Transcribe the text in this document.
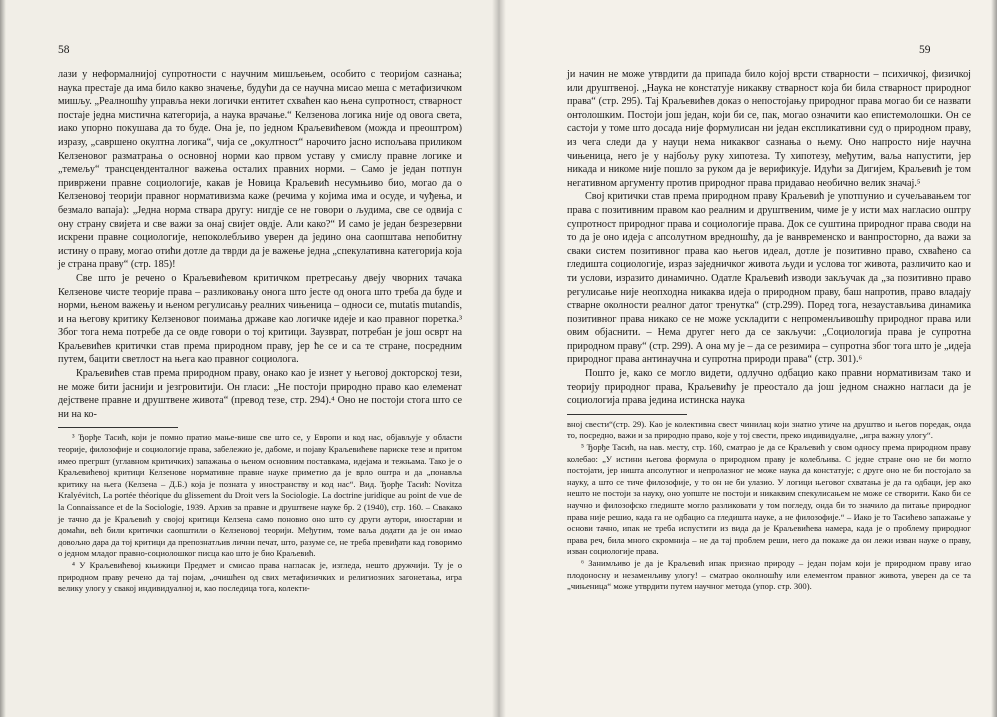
58

лази у неформалнијој супротности с научним мишљењем, особито с теоријом сазнања; наука престаје да има било какво значење, будући да се научна мисао меша с метафизичком мишљу. „Реалношћу управља неки логички ентитет схваћен као њена супротност, стварност постаје једна мистична категорија, а наука врачање.“ Келзенова логика није од овога света, иако упорно покушава да то буде. Она је, по једном Краљевићевом (можда и преоштром) изразу, „савршено окултна логика“, чија се „окултност“ нарочито јасно испољава приликом Келзеновог разматрања о основној норми као првом уставу у смислу правне логике и „темељу“ трансценденталног важења осталих правних норми. – Само је један потпун привржени правне социологије, какав је Новица Краљевић несумњиво био, могао да о Келзеновој теорији правног нормативизма каже (речима у којима има и осуде, и чуђења, и безмало вапаја): „Једна норма ствара другу: нигдје се не говори о људима, све се одвија с ону страну свијета и све важи за онај свијет овдје. Али како?“ И само је један безрезервни искрени правне социологије, непоколебљиво уверен да једино она саопштава непобитну истину о праву, могао отићи дотле да тврди да је важење једна „спекулативна категорија која је страна праву“ (стр. 185)!

Све што је речено о Краљевићевом критичком претресању двеју чворних тачака Келзенове чисте теорије права – разликовању онога што јесте од онога што треба да буде и норми, њеном важењу и њеном регулисању реалних чињеница – односи се, mutatis mutandis, и на његову критику Келзеновог поимања државе као логичке идеје и као правног поретка.³ Због тога нема потребе да се овде говори о тој критици. Заузврат, потребан је још осврт на Краљевићев критички став према природном праву, јер ће се и са те стране, посредним путем, бацити светлост на њега као правног социолога.

Краљевићев став према природном праву, онако као је изнет у његовој докторској тези, не може бити јаснији и језгровитији. Он гласи: „Не постоји природно право као елеменат дејствене правне и друштвене живота“ (превод тезе, стр. 294).⁴ Оно не постоји стога што се ни на ко-

³ Ђорђе Тасић, који је помно пратио мање-више све што се, у Европи и код нас, објављује у области теорије, филозофије и социологије права, забележио је, дабоме, и појаву Краљевићеве париске тезе и притом имео прегршт (углавном критичких) запажања о њеном основним поставкама, идејама и тежњама. Тако је о Краљевићевој критици Келзенове нормативне правне науке приметио да је врло оштра и да „понавља критику на њега (Келзена – Д.Б.) која је позната у иностранству и код нас“. Вид. Ђорђе Тасић: Novitza Kralyévitch, La portée théorique du glissement du Droit vers la Sociologie. La doctrine juridique au point de vue de la Connaissance et de la Sociologie, 1939. Архив за правне и друштвене науке бр. 2 (1940), стр. 160. – Свакако је тачно да је Краљевић у својој критици Келзена само поновио оно што су други аутори, иностарни и домаћи, већ били критички саопштили о Келзеновој теорији. Међутим, томе ваља додати да је он имао довољно дара да тој критици да препознатљив лични печат, што, разуме се, не треба превиђати кад говоримо о једном младог правно-социолошког писца као што је био Краљевић.

⁴ У Краљевићевој књижици Предмет и смисао права нагласак је, изгледа, нешто дружчији. Ту је о природном праву речено да тај појам, „очишћен од свих метафизичких и религиозних загонетања, игра велику улогу у свакој индивидуалној и, као последица тога, колекти-

59

ји начин не може утврдити да припада било којој врсти стварности – психичкој, физичкој или друштвеној. „Наука не констатује никакву стварност која би била стварност природног права“ (стр. 295). Тај Краљевићев доказ о непостојању природног права могао би се назвати онтолошким. Постоји још један, који би се, пак, могао означити као епистемолошки. Он се састоји у томе што досада није формулисан ни један експликативни суд о природном праву, из чега следи да у науци нема никаквог сазнања о њему. Оно напросто није научна чињеница, него је у најбољу руку хипотеза. Ту хипотезу, међутим, ваља напустити, јер никада и никоме није пошло за руком да је верификује. Идући за Дигијем, Краљевић је том негативном аргументу против природног права придавао необично велик значај.⁵

Свој критички став према природном праву Краљевић је употпунио и сучељавањем тог права с позитивним правом као реалним и друштвеним, чиме је у исти мах нагласио оштру супротност природног права и социологије права. Док се суштина природног права своди на то да је оно идеја с апсолутном вредношћу, да је ванвременско и ванпросторно, да важи за сваки систем позитивног права као његов идеал, дотле је позитивно право, схваћено са гледишта социологије, израз заједничког живота људи и услова тог живота, различито као и ти услови, изразито динамично. Одатле Краљевић изводи закључак да „за позитивно право регулисање није неопходна никаква идеја о природном праву, баш напротив, право владају стварне околности реалног датог тренутка“ (стр.299). Поред тога, незаустављива динамика позитивног права никако се не може ускладити с непроменљивошћу природног права или овим објаснити. – Нема другег него да се закључи: „Социологија права је супротна природном праву“ (стр. 299). А она му је – да се резимира – супротна због тога што је „идеја природног права антинаучна и супротна природи права“ (стр. 301).⁶

Пошто је, како се могло видети, одлучно одбацио како правни нормативизам тако и теорију природног права, Краљевићу је преостало да још једном снажно нагласи да је социологија права једина истинска наука

вној свести“(стр. 29). Као је колективна свест чинилац који знатно утиче на друштво и његов поредак, онда то, посредно, важи и за природно право, које у тој свести, преко индивидуалне, „игра важну улогу“.

⁵ Ђорђе Тасић, на нав. месту, стр. 160, сматрао је да се Краљевић у свом односу према природном праву колебао: „У истини његова формула о природном праву је колебљива. С једне стране оно не би могло постојати, јер ништа апсолутног и непролазног не може наука да констатује; с друге оно не би постојало за науку, а што се тиче филозофије, у то он не би улазио. У логици његовог схватања је да га одбаци, јер ако нешто не постоји за науку, оно уопште не постоји и никаквим спекулисањем не може се створити. Како би се научно и филозофско гледиште могло разликовати у том погледу, онда би то значило да питање природног права није решио, када га не одбацио са гледишта науке, а не филозофије.“ – Иако је то Тасићево запажање у основи тачно, ипак не треба испустити из вида да је Краљевићева намера, када је о проблему природног права реч, била много скромнија – не да тај проблем реши, него да покаже да он лежи изван науке о праву, изван социологије права.

⁶ Занимљиво је да је Краљевић ипак признао природу – један појам који је природном праву игао плодоносну и незаменљиву улогу! – сматрао околношћу или елементом правног живота, уверен да се та „чињеница“ може утврдити путем научног метода (упор. стр. 300).
